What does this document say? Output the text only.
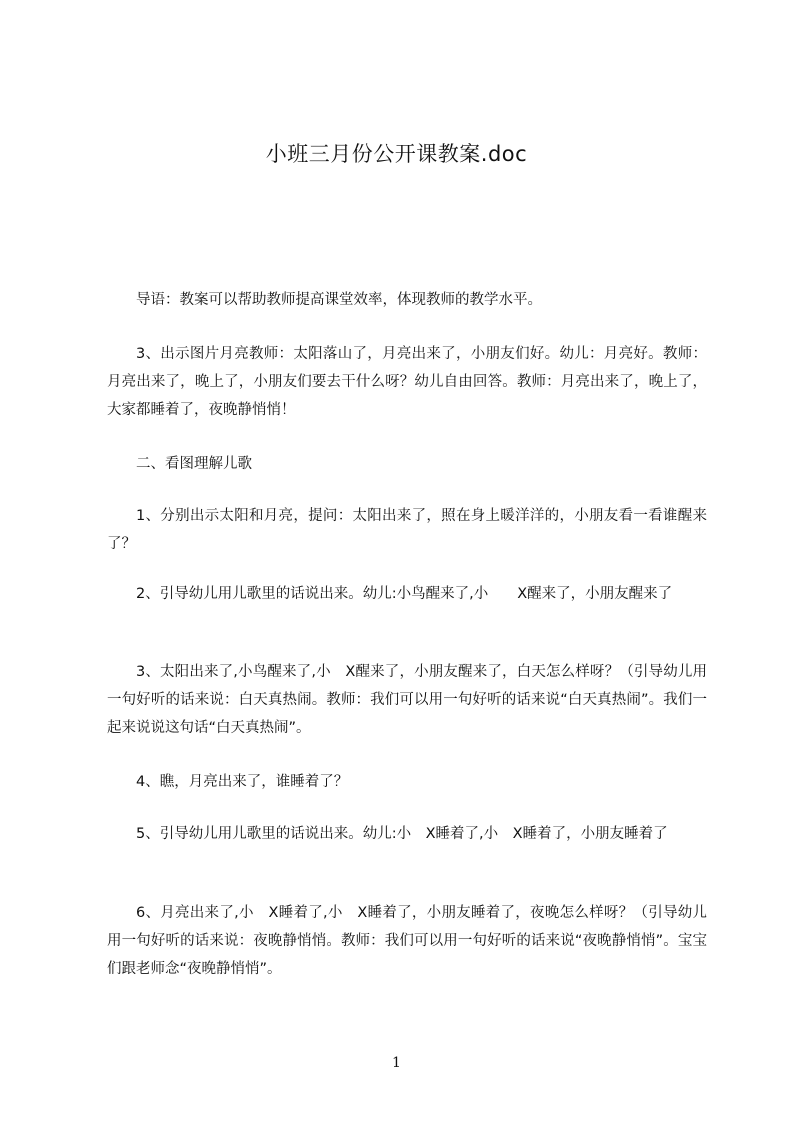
小班三月份公开课教案.doc

导语：教案可以帮助教师提高课堂效率，体现教师的教学水平。

3、出示图片月亮教师：太阳落山了，月亮出来了，小朋友们好。幼儿：月亮好。教师：月亮出来了，晚上了，小朋友们要去干什么呀？幼儿自由回答。教师：月亮出来了，晚上了，大家都睡着了，夜晚静悄悄！

二、看图理解儿歌

1、分别出示太阳和月亮，提问：太阳出来了，照在身上暖洋洋的，小朋友看一看谁醒来了？

2、引导幼儿用儿歌里的话说出来。幼儿:小鸟醒来了,小　　X醒来了，小朋友醒来了

3、太阳出来了,小鸟醒来了,小　X醒来了，小朋友醒来了，白天怎么样呀？（引导幼儿用一句好听的话来说：白天真热闹。教师：我们可以用一句好听的话来说“白天真热闹”。我们一起来说说这句话“白天真热闹”。

4、瞧，月亮出来了，谁睡着了？

5、引导幼儿用儿歌里的话说出来。幼儿:小　X睡着了,小　X睡着了，小朋友睡着了

6、月亮出来了,小　X睡着了,小　X睡着了，小朋友睡着了，夜晚怎么样呀？（引导幼儿用一句好听的话来说：夜晚静悄悄。教师：我们可以用一句好听的话来说“夜晚静悄悄”。宝宝们跟老师念“夜晚静悄悄”。

1
